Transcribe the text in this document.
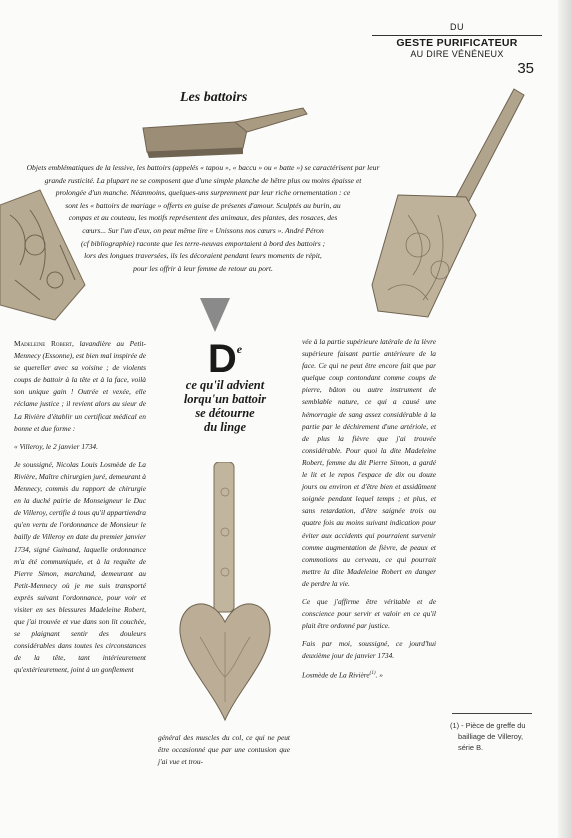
DU
GESTE PURIFICATEUR
AU DIRE VÉNÉNEUX
35
Les battoirs
Objets emblématiques de la lessive, les battoirs (appelés « tapou », « baccu » ou « batte ») se caractérisent par leur
grande rusticité. La plupart ne se composent que d'une simple planche de hêtre plus ou moins épaisse et
prolongée d'un manche. Néanmoins, quelques-uns surprennent par leur riche ornementation : ce
sont les « battoirs de mariage » offerts en guise de présents d'amour. Sculptés au burin, au
compas et au couteau, les motifs représentent des animaux, des plantes, des rosaces, des
cœurs... Sur l'un d'eux, on peut même lire « Unissons nos cœurs ». André Péron
(cf bibliographie) raconte que les terre-neuvas emportaient à bord des battoirs ;
lors des longues traversées, ils les décoraient pendant leurs moments de répit,
pour les offrir à leur femme de retour au port.
De
ce qu'il advient
lorqu'un battoir
se détourne
du linge

Madeleine Robert, lavandière au Petit-Mennecy (Essonne), est bien mal inspirée de se quereller avec sa voisine ; de violents coups de battoir à la tête et à la face, voilà son unique gain ! Outrée et vexée, elle réclame justice ; il revient alors au sieur de La Rivière d'établir un certificat médical en bonne et due forme :

« Villeroy, le 2 janvier 1734.

Je soussigné, Nicolas Louis Losmède de La Rivière, Maître chirurgien juré, demeurant à Mennecy, commis du rapport de chirurgie en la duché pairie de Monseigneur le Duc de Villeroy, certifie à tous qu'il appartiendra qu'en vertu de l'ordonnance de Monsieur le bailly de Villeroy en date du premier janvier 1734, signé Guinand, laquelle ordonnance m'a été communiquée, et à la requête de Pierre Simon, marchand, demeurant au Petit-Mennecy où je me suis transporté exprès suivant l'ordonnance, pour voir et visiter en ses blessures Madeleine Robert, que j'ai trouvée et vue dans son lit couchée, se plaignant sentir des douleurs considérables dans toutes les circonstances de la tête, tant intérieurement qu'extérieurement, joint à un gonflement

général des muscles du col, ce qui ne peut être occasionné que par une contusion que j'ai vue et trou-

vée à la partie supérieure latérale de la lèvre supérieure faisant partie antérieure de la face. Ce qui ne peut être encore fait que par quelque coup contondant comme coups de pierre, bâton ou autre instrument de semblable nature, ce qui a causé une hémorragie de sang assez considérable à la partie par le déchirement d'une artériole, et de plus la fièvre que j'ai trouvée considérable. Pour quoi la dite Madeleine Robert, femme du dit Pierre Simon, a gardé le lit et le repos l'espace de dix ou douze jours ou environ et d'être bien et assidûment soignée pendant lequel temps ; et plus, et sans retardation, d'être saignée trois ou quatre fois au moins suivant indication pour éviter aux accidents qui pourraient survenir comme augmentation de fièvre, de peaux et commotions au cerveau, ce qui pourrait mettre la dite Madeleine Robert en danger de perdre la vie.

Ce que j'affirme être véritable et de conscience pour servir et valoir en ce qu'il plait être ordonné par justice.

Fais par moi, soussigné, ce jourd'hui deuxième jour de janvier 1734.

Losmède de La Rivière$^{(1)}$. »

(1) - Pièce de greffe du
bailliage de Villeroy,
série B.
